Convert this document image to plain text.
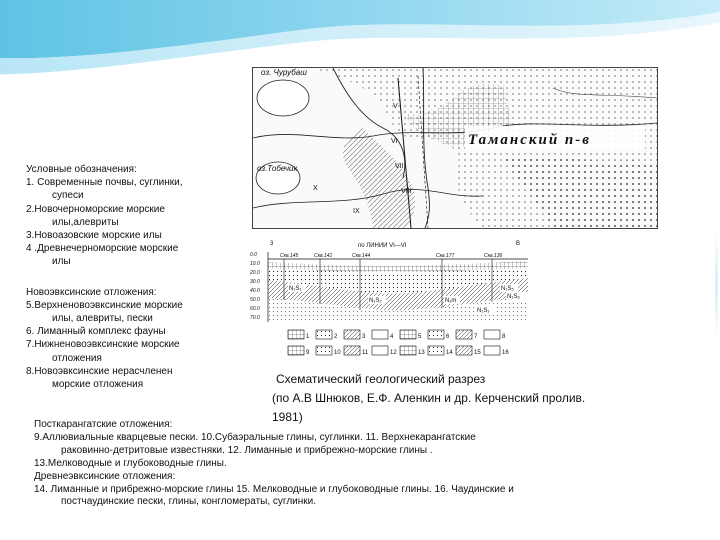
оз. Чурубаш
оз.Тобечик
Таманский п-в
V
VI
VII
VIII
IX
X
3	B
по ЛИНИИ VI—VI
0.0
10.0
20.0
30.0
40.0
50.0
60.0
70.0
Скв.145	Скв.141	Скв.144	Скв.177	Скв.136
N₁S₁
N₁S₂	N₁m
N₁S₁
N₁S₅
N₁S₆
1	2	3	4	5	6	7	8
9	10	11	12	13	14	15	16
Условные обозначения:
1. Современные почвы, суглинки,
супеси
2.Новочерноморские морские
илы,алевриты
3.Новоазовские морские илы
4 .Древнечерноморские морские
илы
Новоэвксинские отложения:
5.Верхненовоэвксинские морские
илы, алевриты, пески
6. Лиманный комплекс фауны
7.Нижненовоэвксинские морские
отложения
8.Новоэвксинские нерасчленен
морские отложения	Схематический геологический разрез
(по А.В Шнюков, Е.Ф. Аленкин и др. Керченский пролив.
1981)
Посткарангатские отложения:
9.Аллювиальные кварцевые пески. 10.Субаэральные глины, суглинки. 11. Верхнекарангатские
раковинно-детритовые известняки. 12. Лиманные и прибрежно-морские глины .
13.Мелководные и глубоководные глины.
Древнеэвксинские отложения:
14. Лиманные и прибрежно-морские глины 15. Мелководные и глубоководные глины. 16. Чаудинские и
постчаудинские пески, глины, конгломераты, суглинки.
